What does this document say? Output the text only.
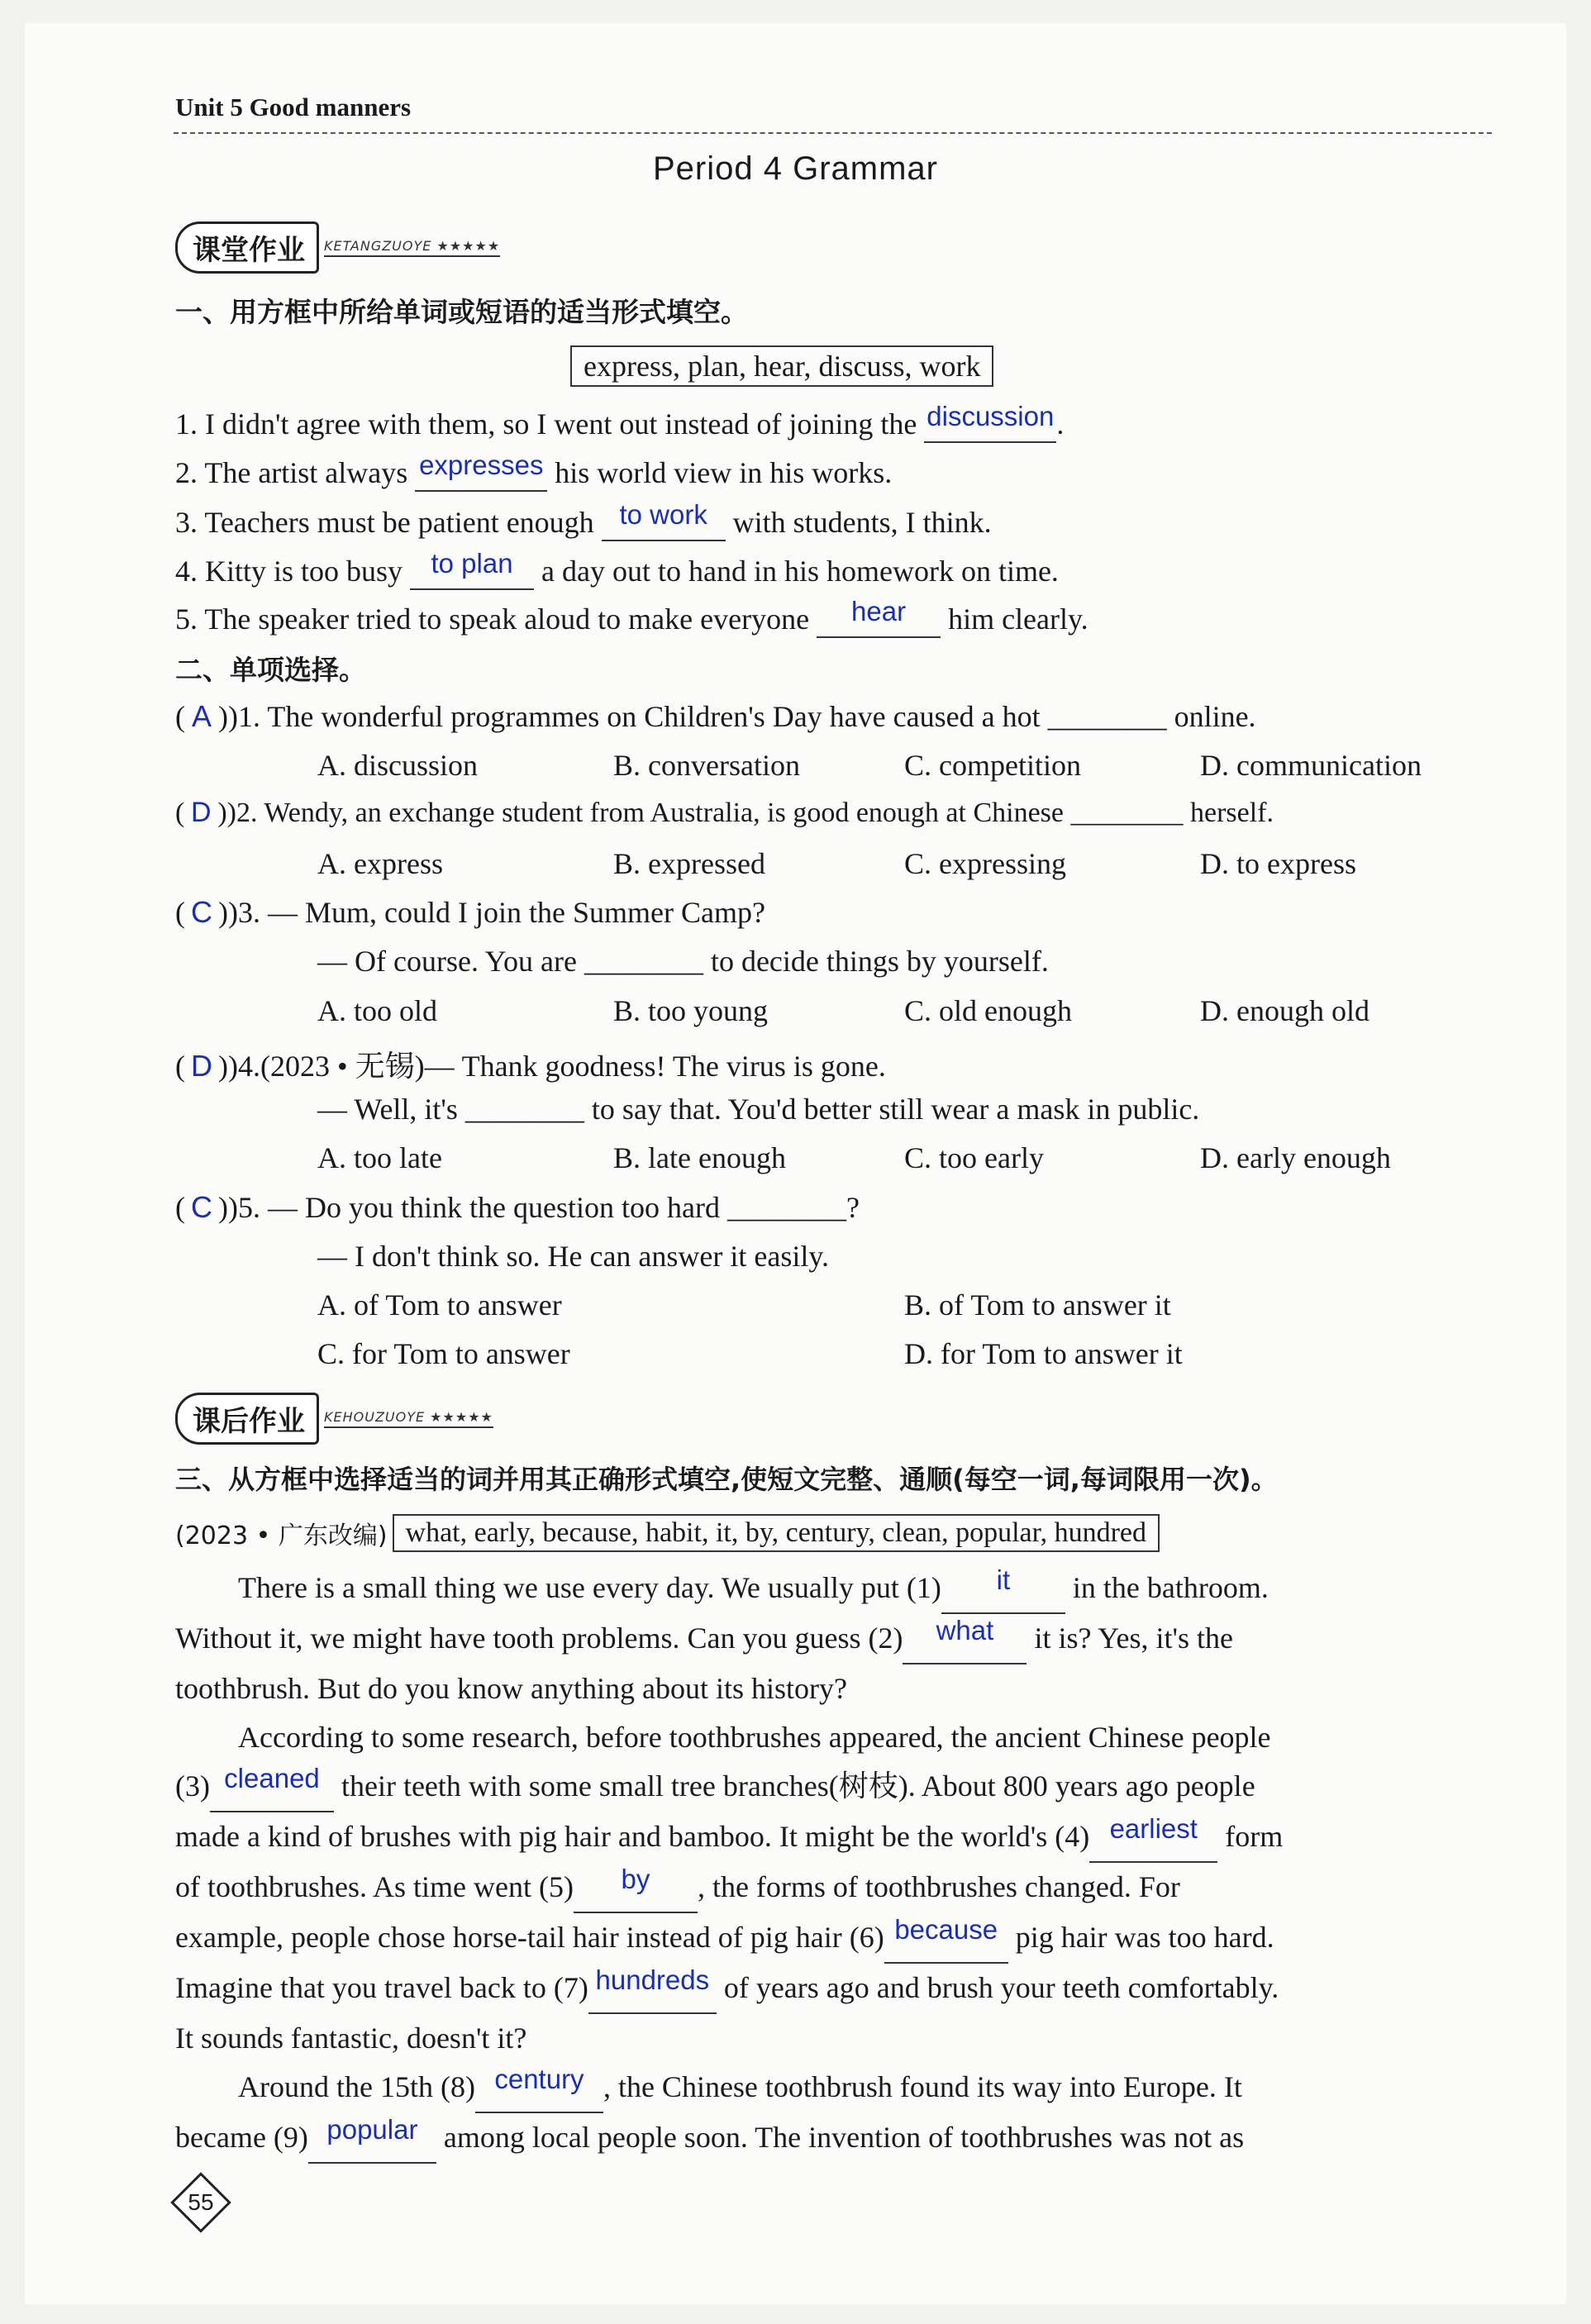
Unit 5 Good manners
Period 4 Grammar
课堂作业	KETANGZUOYE ★★★★★
一、用方框中所给单词或短语的适当形式填空。
express, plan, hear, discuss, work
1. I didn't agree with them, so I went out instead of joining the discussion.
2. The artist always expresses his world view in his works.
3. Teachers must be patient enough to work with students, I think.
4. Kitty is too busy to plan a day out to hand in his homework on time.
5. The speaker tried to speak aloud to make everyone hear him clearly.
二、单项选择。
( A ))1. The wonderful programmes on Children's Day have caused a hot ________ online.
A. discussion	B. conversation	C. competition	D. communication
( D ))2. Wendy, an exchange student from Australia, is good enough at Chinese ________ herself.
A. express	B. expressed	C. expressing	D. to express
( C ))3. — Mum, could I join the Summer Camp?
— Of course. You are ________ to decide things by yourself.
A. too old	B. too young	C. old enough	D. enough old
( D ))4.(2023 • 无锡)— Thank goodness! The virus is gone.
— Well, it's ________ to say that. You'd better still wear a mask in public.
A. too late	B. late enough	C. too early	D. early enough
( C ))5. — Do you think the question too hard ________?
— I don't think so. He can answer it easily.
A. of Tom to answer	B. of Tom to answer it
C. for Tom to answer	D. for Tom to answer it
课后作业	KEHOUZUOYE ★★★★★
三、从方框中选择适当的词并用其正确形式填空,使短文完整、通顺(每空一词,每词限用一次)。
(2023 • 广东改编) what, early, because, habit, it, by, century, clean, popular, hundred
There is a small thing we use every day. We usually put (1) it in the bathroom.
Without it, we might have tooth problems. Can you guess (2) what it is? Yes, it's the
toothbrush. But do you know anything about its history?
According to some research, before toothbrushes appeared, the ancient Chinese people
(3) cleaned their teeth with some small tree branches(树枝). About 800 years ago people
made a kind of brushes with pig hair and bamboo. It might be the world's (4) earliest form
of toothbrushes. As time went (5) by , the forms of toothbrushes changed. For
example, people chose horse-tail hair instead of pig hair (6) because pig hair was too hard.
Imagine that you travel back to (7) hundreds of years ago and brush your teeth comfortably.
It sounds fantastic, doesn't it?
Around the 15th (8) century , the Chinese toothbrush found its way into Europe. It
became (9) popular among local people soon. The invention of toothbrushes was not as
55
